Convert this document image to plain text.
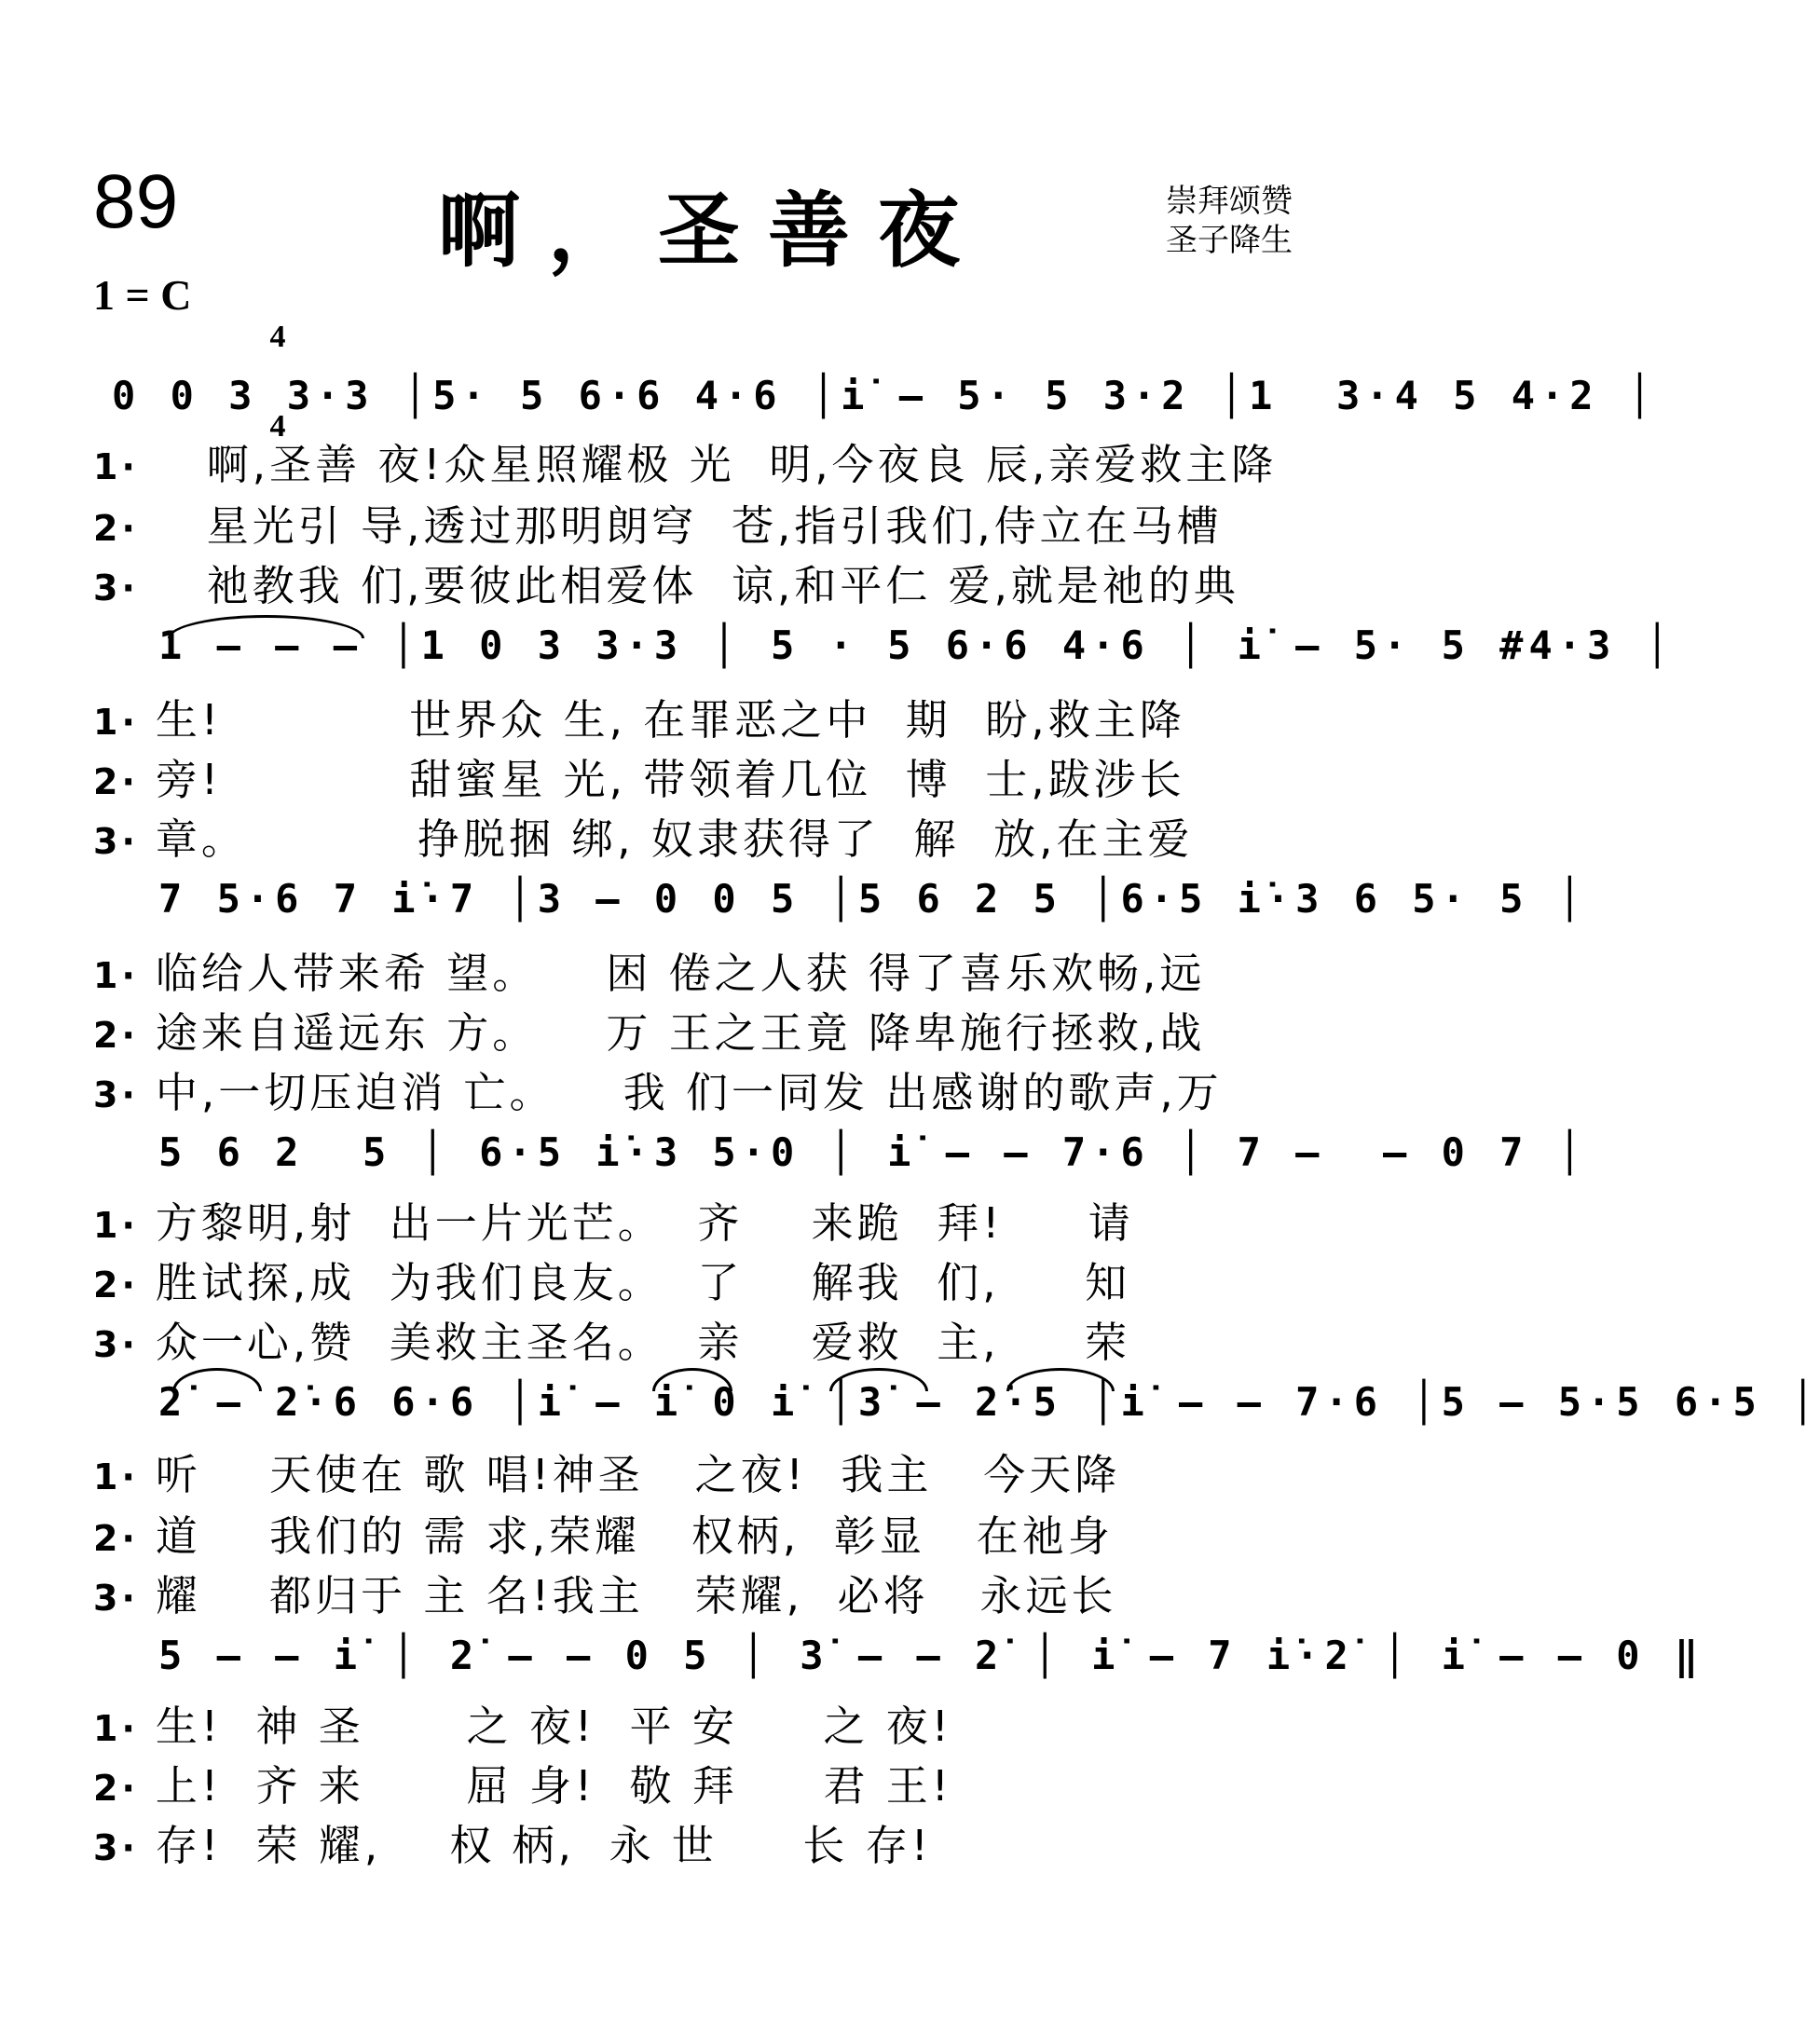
89	啊，圣善夜	崇拜颂赞
圣子降生
1 = C

4

4

0 0 3 3·3 │5· 5 6·6 4·6 │i̇ – 5· 5 3·2 │1  3·4 5 4·2 │
1·   啊,圣善 夜!众星照耀极 光  明,今夜良 辰,亲爱救主降
2·   星光引 导,透过那明朗穹  苍,指引我们,侍立在马槽
3·   祂教我 们,要彼此相爱体  谅,和平仁 爱,就是祂的典
1 – – – │1 0 3 3·3 │ 5 · 5 6·6 4·6 │ i̇ – 5· 5 #4·3 │
1· 生!           世界众 生, 在罪恶之中  期  盼,救主降
2· 旁!           甜蜜星 光, 带领着几位  博  士,跋涉长
3· 章。          挣脱捆 绑, 奴隶获得了  解  放,在主爱
7 5·6 7 i̇·7 │3 – 0 0 5 │5 6 2 5 │6·5 i̇·3 6 5· 5 │
1· 临给人带来希 望。    困 倦之人获 得了喜乐欢畅,远
2· 途来自遥远东 方。    万 王之王竟 降卑施行拯救,战
3· 中,一切压迫消 亡。    我 们一同发 出感谢的歌声,万
5 6 2  5 │ 6·5 i̇·3 5·0 │ i̇ – – 7·6 │ 7 –  – 0 7 │
1· 方黎明,射  出一片光芒。  齐    来跪  拜!     请
2· 胜试探,成  为我们良友。  了    解我  们,     知
3· 众一心,赞  美救主圣名。  亲    爱救  主,     荣
2̇ – 2̇·6 6·6 │i̇ – i̇ 0 i̇ │3̇ – 2̇·5 │i̇ – – 7·6 │5 – 5·5 6·5 │
1· 听    天使在 歌 唱!神圣   之夜!  我主   今天降
2· 道    我们的 需 求,荣耀   权柄,  彰显   在祂身
3· 耀    都归于 主 名!我主   荣耀,  必将   永远长
5 – – i̇ │ 2̇ – – 0 5 │ 3̇ – – 2̇ │ i̇ – 7 i̇·2̇ │ i̇ – – 0 ‖
1· 生!  神 圣      之 夜!  平 安     之 夜!
2· 上!  齐 来      屈 身!  敬 拜     君 王!
3· 存!  荣 耀,    权 柄,  永 世     长 存!
